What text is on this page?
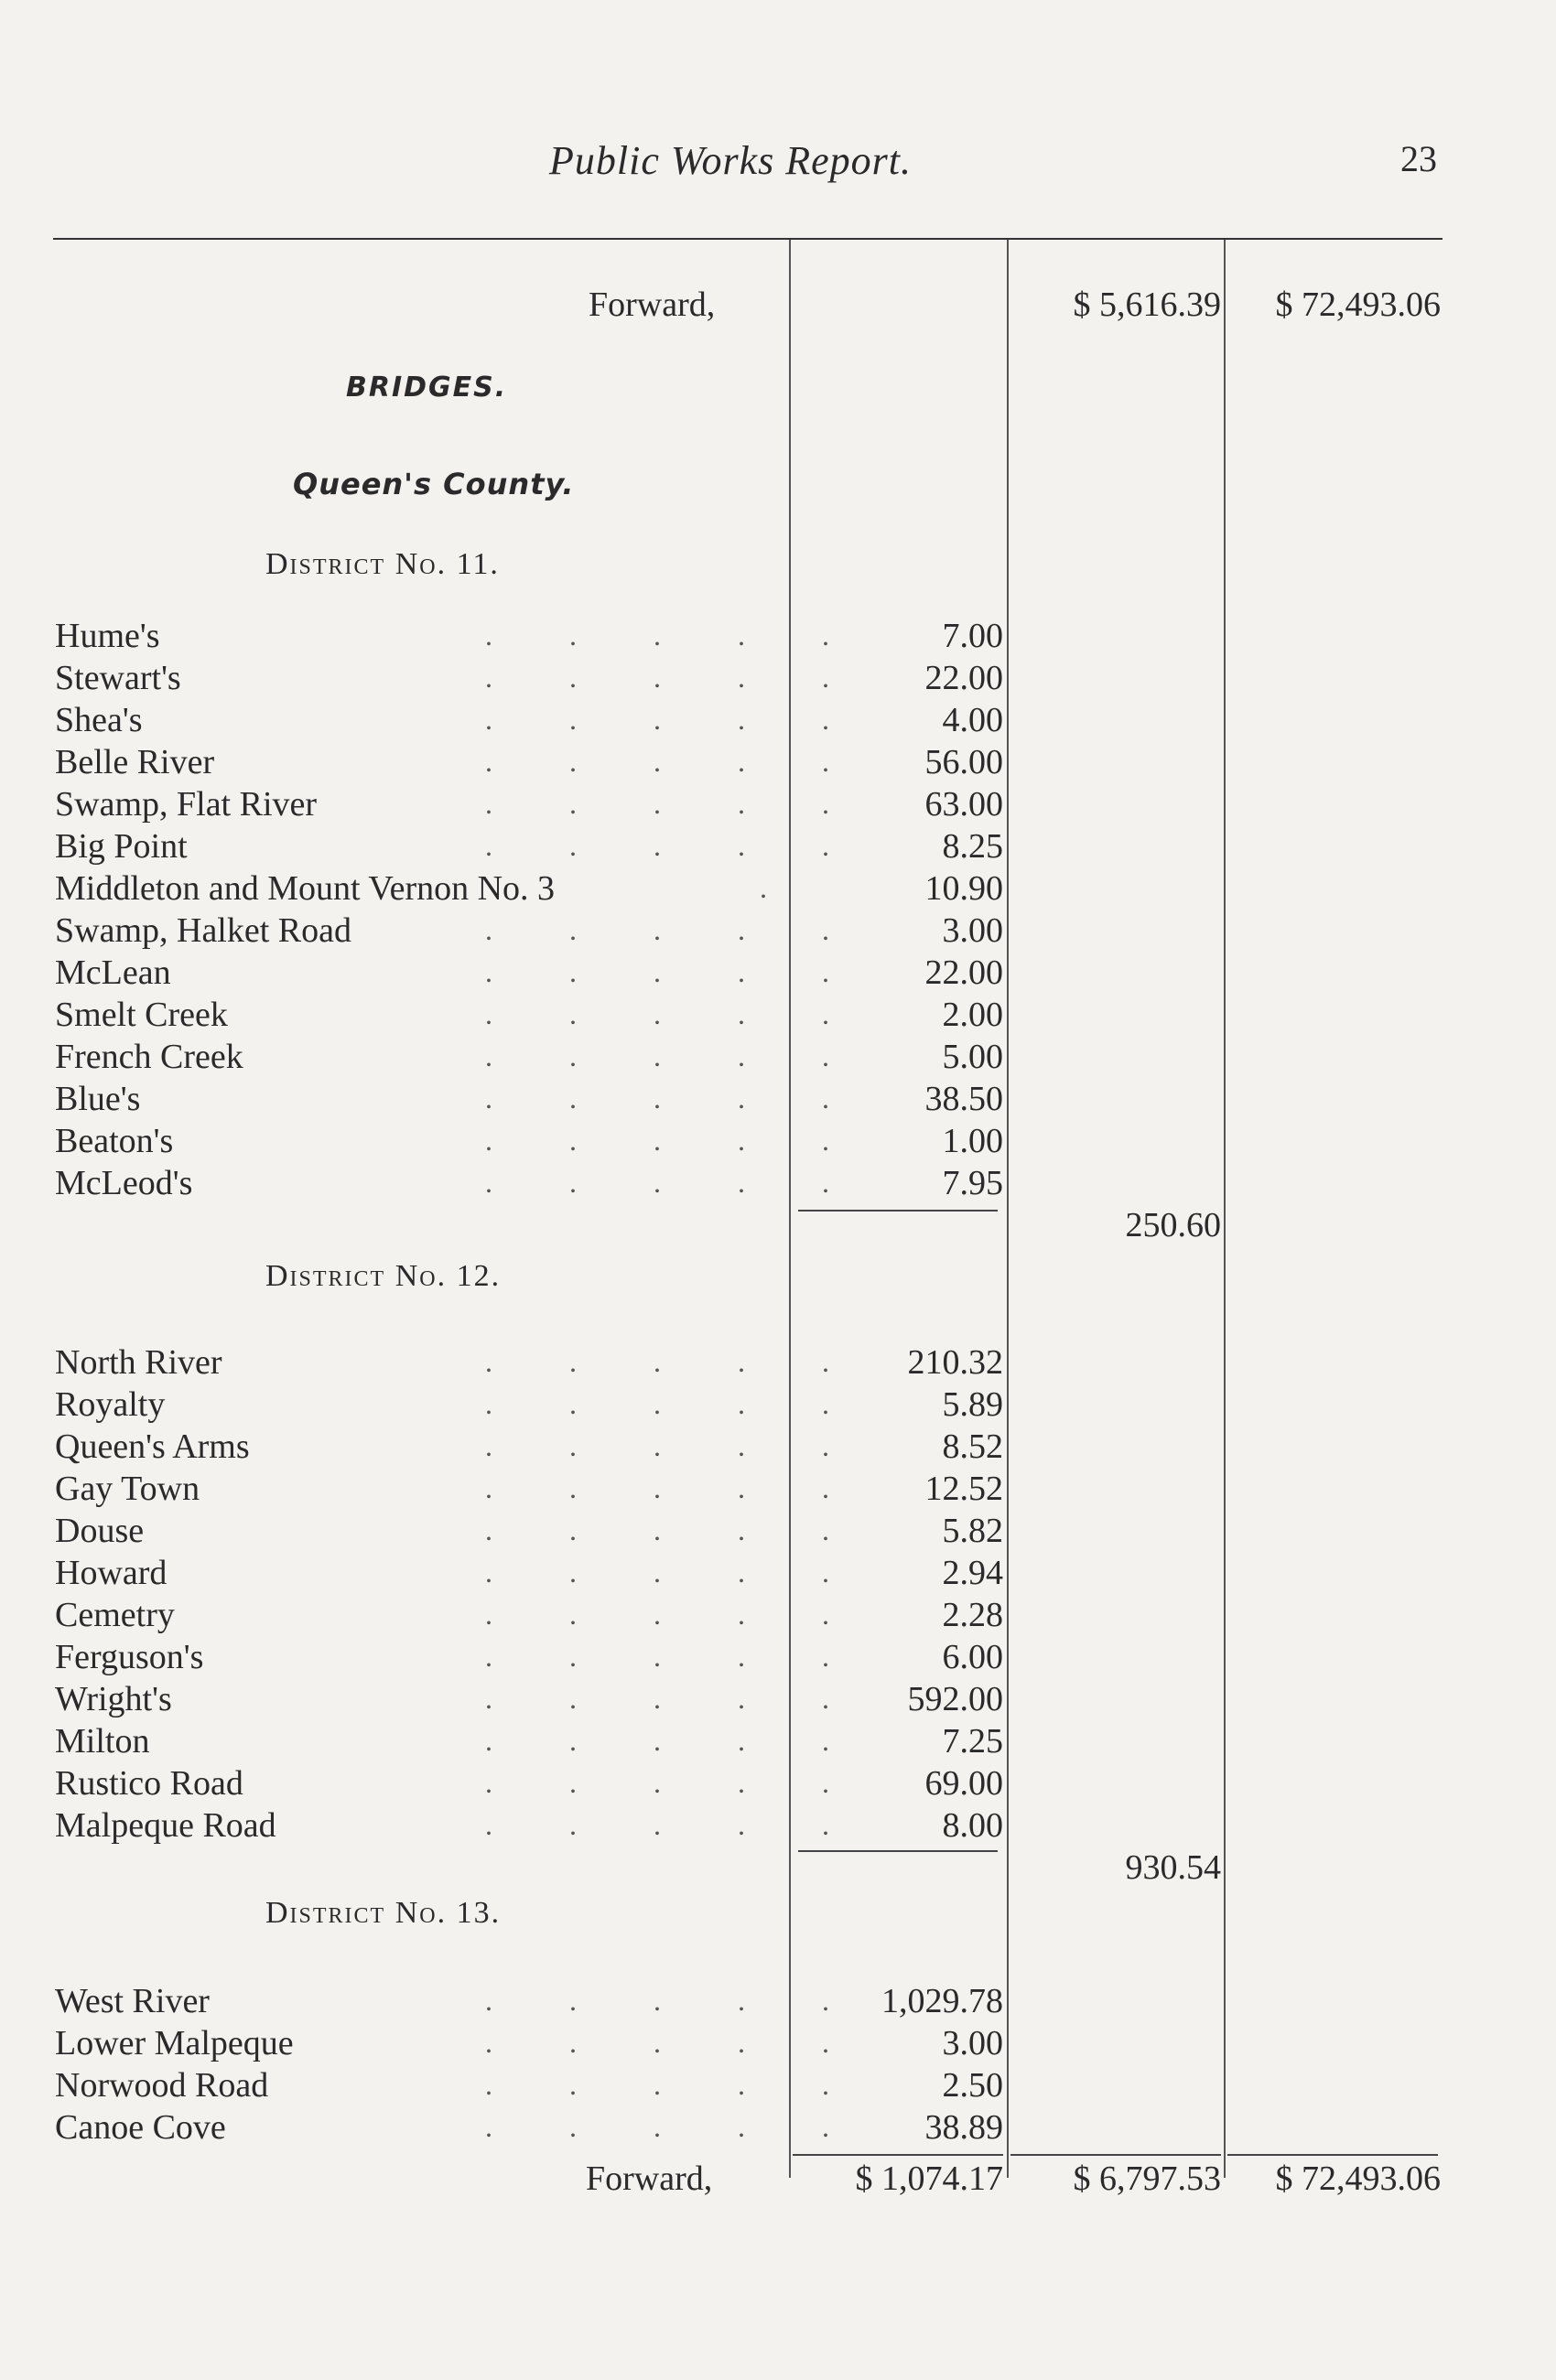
Public Works Report.	23
Forward,	$ 5,616.39	$ 72,493.06
BRIDGES.
Queen's County.
District No. 11.
Hume's	. . . . .	7.00
Stewart's	. . . . .	22.00
Shea's	. . . . .	4.00
Belle River	. . . . .	56.00
Swamp, Flat River	. . . . .	63.00
Big Point	. . . . .	8.25
Middleton and Mount Vernon No. 3	.	10.90
Swamp, Halket Road	. . . . .	3.00
McLean	. . . . .	22.00
Smelt Creek	. . . . .	2.00
French Creek	. . . . .	5.00
Blue's	. . . . .	38.50
Beaton's	. . . . .	1.00
McLeod's	. . . . .	7.95
250.60
District No. 12.
North River	. . . . .	210.32
Royalty	. . . . .	5.89
Queen's Arms	. . . . .	8.52
Gay Town	. . . . .	12.52
Douse	. . . . .	5.82
Howard	. . . . .	2.94
Cemetry	. . . . .	2.28
Ferguson's	. . . . .	6.00
Wright's	. . . . .	592.00
Milton	. . . . .	7.25
Rustico Road	. . . . .	69.00
Malpeque Road	. . . . .	8.00
930.54
District No. 13.
West River	. . . . . 1,029.78
Lower Malpeque	. . . . .	3.00
Norwood Road	. . . . .	2.50
Canoe Cove	. . . . .	38.89
Forward,	$ 1,074.17	$ 6,797.53	$ 72,493.06
